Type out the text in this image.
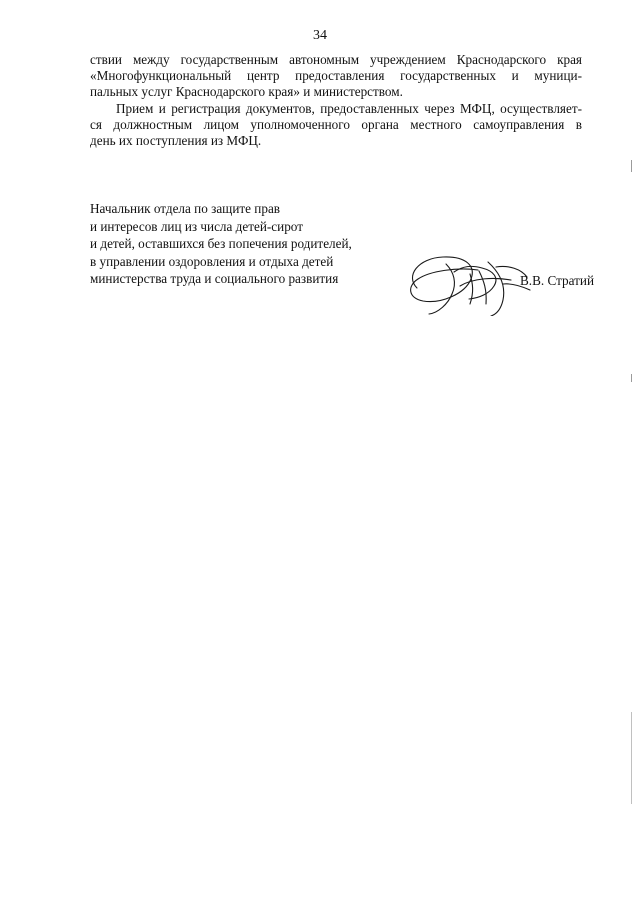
34
ствии между государственным автономным учреждением Краснодарского края
«Многофункциональный центр предоставления государственных и муници-
пальных услуг Краснодарского края» и министерством.
Прием и регистрация документов, предоставленных через МФЦ, осуществляет-
ся должностным лицом уполномоченного органа местного самоуправления в
день их поступления из МФЦ.
Начальник отдела по защите прав
и интересов лиц из числа детей-сирот
и детей, оставшихся без попечения родителей,
в управлении оздоровления и отдыха детей
министерства труда и социального развития	В.В. Стратий
